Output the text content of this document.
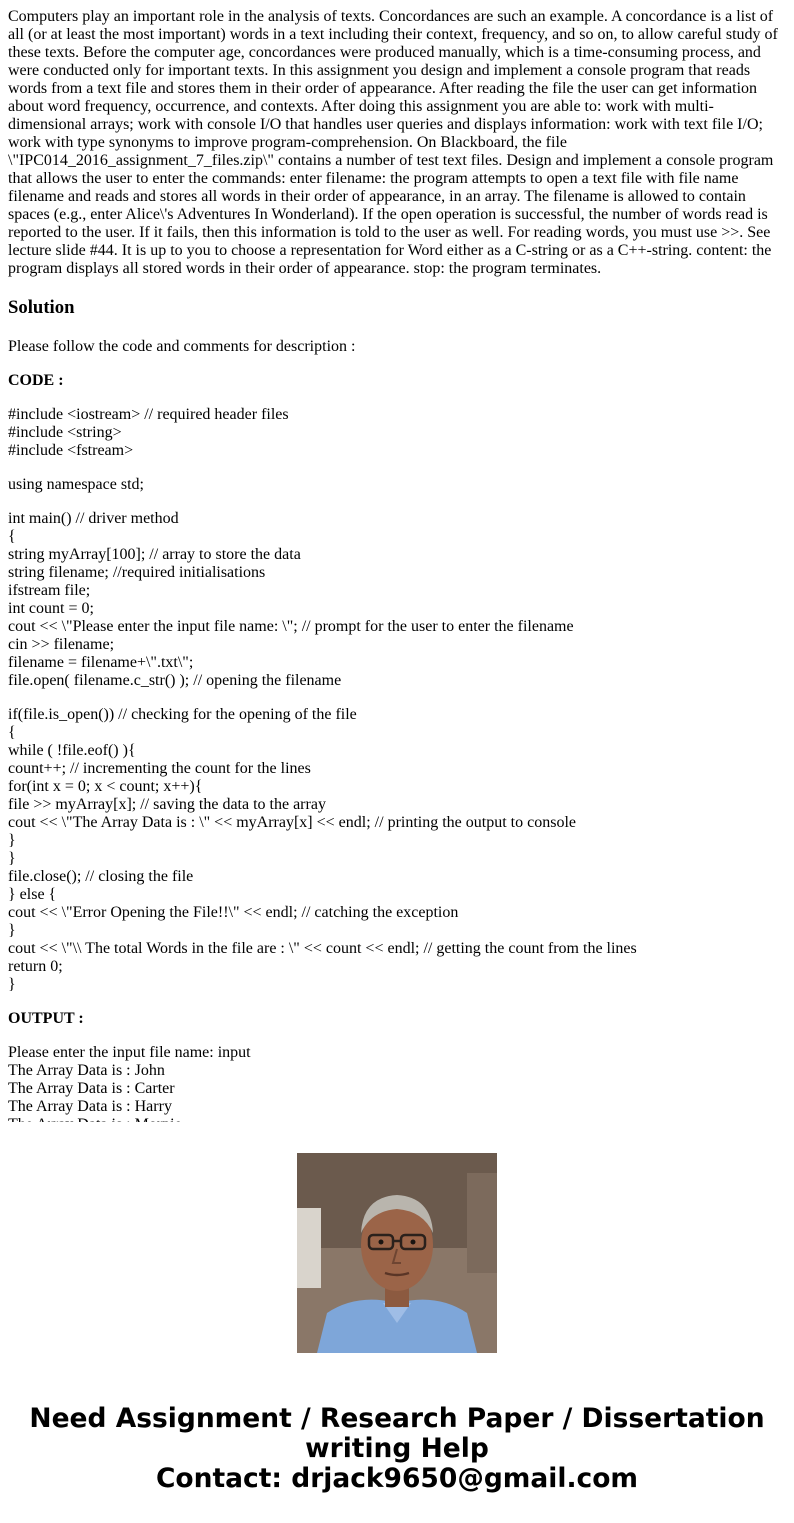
Computers play an important role in the analysis of texts. Concordances are such an example. A concordance is a list of all (or at least the most important) words in a text including their context, frequency, and so on, to allow careful study of these texts. Before the computer age, concordances were produced manually, which is a time-consuming process, and were conducted only for important texts. In this assignment you design and implement a console program that reads words from a text file and stores them in their order of appearance. After reading the file the user can get information about word frequency, occurrence, and contexts. After doing this assignment you are able to: work with multi-dimensional arrays; work with console I/O that handles user queries and displays information: work with text file I/O; work with type synonyms to improve program-comprehension. On Blackboard, the file \"IPC014_2016_assignment_7_files.zip\" contains a number of test text files. Design and implement a console program that allows the user to enter the commands: enter filename: the program attempts to open a text file with file name filename and reads and stores all words in their order of appearance, in an array. The filename is allowed to contain spaces (e.g., enter Alice\'s Adventures In Wonderland). If the open operation is successful, the number of words read is reported to the user. If it fails, then this information is told to the user as well. For reading words, you must use >>. See lecture slide #44. It is up to you to choose a representation for Word either as a C-string or as a C++-string. content: the program displays all stored words in their order of appearance. stop: the program terminates.

Solution

Please follow the code and comments for description :

CODE :

#include <iostream> // required header files
#include <string>
#include <fstream>
using namespace std;
int main() // driver method
{
string myArray[100]; // array to store the data
string filename; //required initialisations
ifstream file;
int count = 0;
cout << \"Please enter the input file name: \"; // prompt for the user to enter the filename
cin >> filename;
filename = filename+\".txt\";
file.open( filename.c_str() ); // opening the filename
if(file.is_open()) // checking for the opening of the file
{
while ( !file.eof() ){
count++; // incrementing the count for the lines
for(int x = 0; x < count; x++){
file >> myArray[x]; // saving the data to the array
cout << \"The Array Data is : \" << myArray[x] << endl; // printing the output to console
}
}
file.close(); // closing the file
} else {
cout << \"Error Opening the File!!\" << endl; // catching the exception
}
cout << \"\\ The total Words in the file are : \" << count << endl; // getting the count from the lines
return 0;
}

OUTPUT :

Please enter the input file name: input
The Array Data is : John
The Array Data is : Carter
The Array Data is : Harry
Need Assignment / Research Paper / Dissertation
writing Help
Contact: drjack9650@gmail.com
